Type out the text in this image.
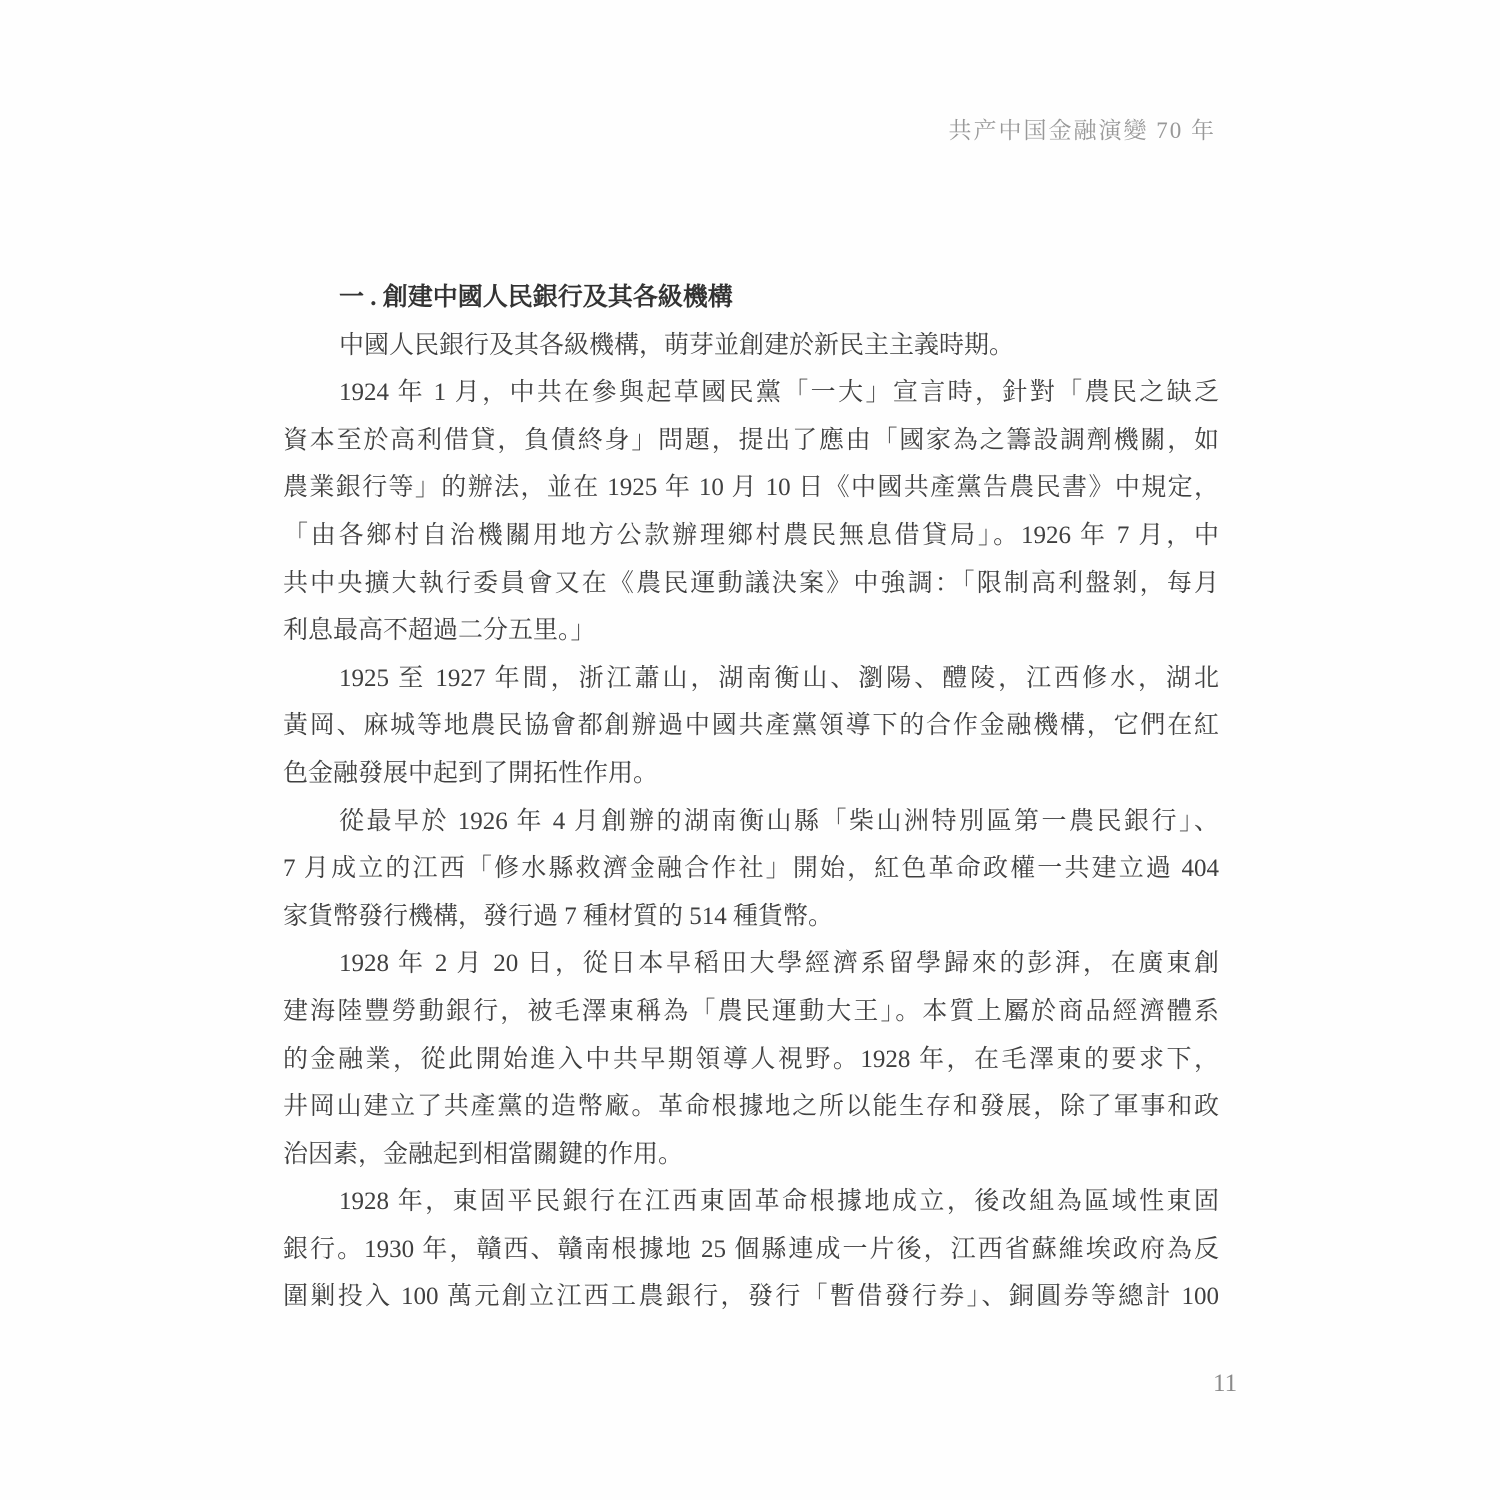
共产中国金融演變 70 年
一 . 創建中國人民銀行及其各級機構
中國人民銀行及其各級機構，萌芽並創建於新民主主義時期。
1924 年 1 月，中共在參與起草國民黨「一大」宣言時，針對「農民之缺乏
資本至於高利借貸，負債終身」問題，提出了應由「國家為之籌設調劑機關，如
農業銀行等」的辦法，並在 1925 年 10 月 10 日《中國共產黨告農民書》中規定，
「由各鄉村自治機關用地方公款辦理鄉村農民無息借貸局」。1926 年 7 月，中
共中央擴大執行委員會又在《農民運動議決案》中強調：「限制高利盤剝，每月
利息最高不超過二分五里。」
1925 至 1927 年間，浙江蕭山，湖南衡山、瀏陽、醴陵，江西修水，湖北
黃岡、麻城等地農民協會都創辦過中國共產黨領導下的合作金融機構，它們在紅
色金融發展中起到了開拓性作用。
從最早於 1926 年 4 月創辦的湖南衡山縣「柴山洲特別區第一農民銀行」、
7 月成立的江西「修水縣救濟金融合作社」開始，紅色革命政權一共建立過 404
家貨幣發行機構，發行過 7 種材質的 514 種貨幣。
1928 年 2 月 20 日，從日本早稻田大學經濟系留學歸來的彭湃，在廣東創
建海陸豐勞動銀行，被毛澤東稱為「農民運動大王」。本質上屬於商品經濟體系
的金融業，從此開始進入中共早期領導人視野。1928 年，在毛澤東的要求下，
井岡山建立了共產黨的造幣廠。革命根據地之所以能生存和發展，除了軍事和政
治因素，金融起到相當關鍵的作用。
1928 年，東固平民銀行在江西東固革命根據地成立，後改組為區域性東固
銀行。1930 年，贛西、贛南根據地 25 個縣連成一片後，江西省蘇維埃政府為反
圍剿投入 100 萬元創立江西工農銀行，發行「暫借發行券」、銅圓券等總計 100
11
